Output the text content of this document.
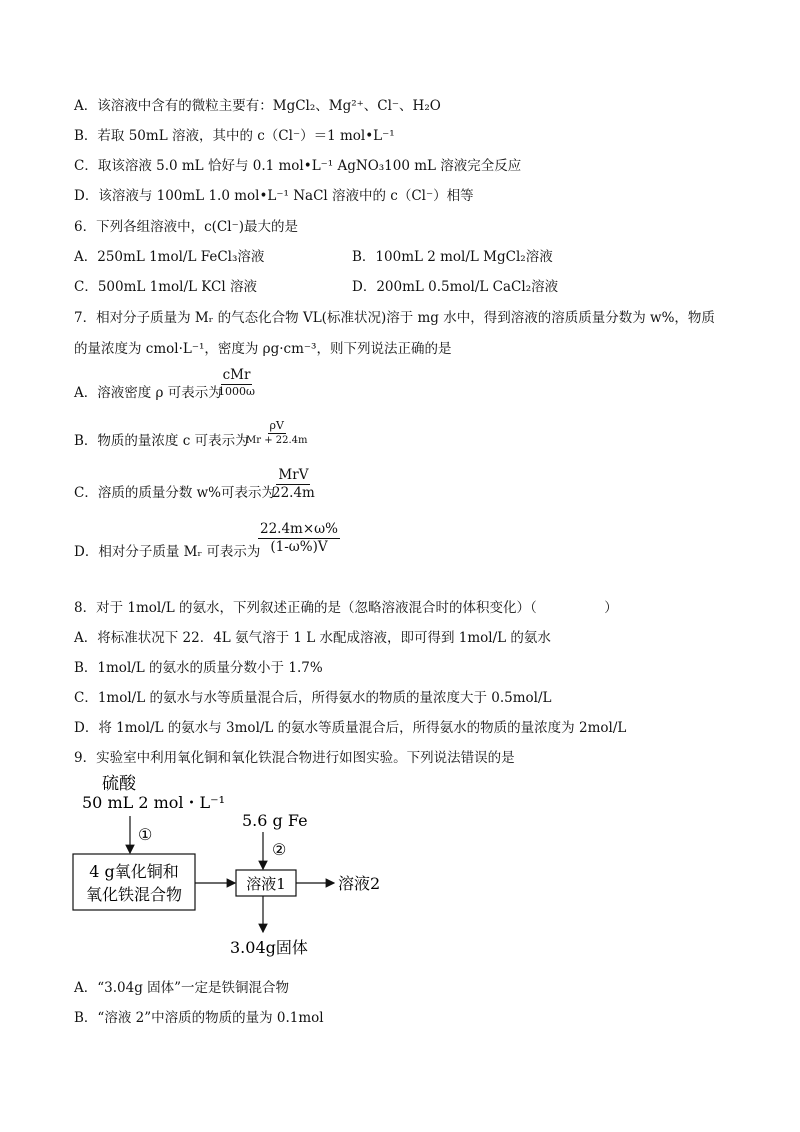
A．该溶液中含有的微粒主要有：MgCl₂、Mg²⁺、Cl⁻、H₂O
B．若取 50mL 溶液，其中的 c（Cl⁻）＝1 mol•L⁻¹
C．取该溶液 5.0 mL 恰好与 0.1 mol•L⁻¹ AgNO₃100 mL 溶液完全反应
D．该溶液与 100mL 1.0 mol•L⁻¹ NaCl 溶液中的 c（Cl⁻）相等
6．下列各组溶液中，c(Cl⁻)最大的是
A．250mL 1mol/L FeCl₃溶液	B．100mL 2 mol/L MgCl₂溶液
C．500mL 1mol/L KCl 溶液	D．200mL 0.5mol/L CaCl₂溶液
7．相对分子质量为 Mᵣ 的气态化合物 VL(标准状况)溶于 mg 水中，得到溶液的溶质质量分数为 w%，物质
的量浓度为 cmol·L⁻¹，密度为 ρg·cm⁻³，则下列说法正确的是
A．溶液密度 ρ 可表示为
cMr
1000ω
B．物质的量浓度 c 可表示为
$\frac{\rho V}{Mr + 22.4m}$
C．溶质的质量分数 w%可表示为
MrV
22.4m
D．相对分子质量 Mᵣ 可表示为
$\frac{22.4m\times\omega\%}{(1-\omega\%)V}$
8．对于 1mol/L 的氨水，下列叙述正确的是（忽略溶液混合时的体积变化）（　　　　　）
A．将标准状况下 22．4L 氨气溶于 1 L 水配成溶液，即可得到 1mol/L 的氨水
B．1mol/L 的氨水的质量分数小于 1.7%
C．1mol/L 的氨水与水等质量混合后，所得氨水的物质的量浓度大于 0.5mol/L
D．将 1mol/L 的氨水与 3mol/L 的氨水等质量混合后，所得氨水的物质的量浓度为 2mol/L
9．实验室中利用氧化铜和氧化铁混合物进行如图实验。下列说法错误的是
硫酸
50 mL 2 mol・L⁻¹
①
4 g氧化铜和
氧化铁混合物
5.6 g Fe
②
溶液1	溶液2
3.04g固体
A．“3.04g 固体”一定是铁铜混合物
B．“溶液 2”中溶质的物质的量为 0.1mol
